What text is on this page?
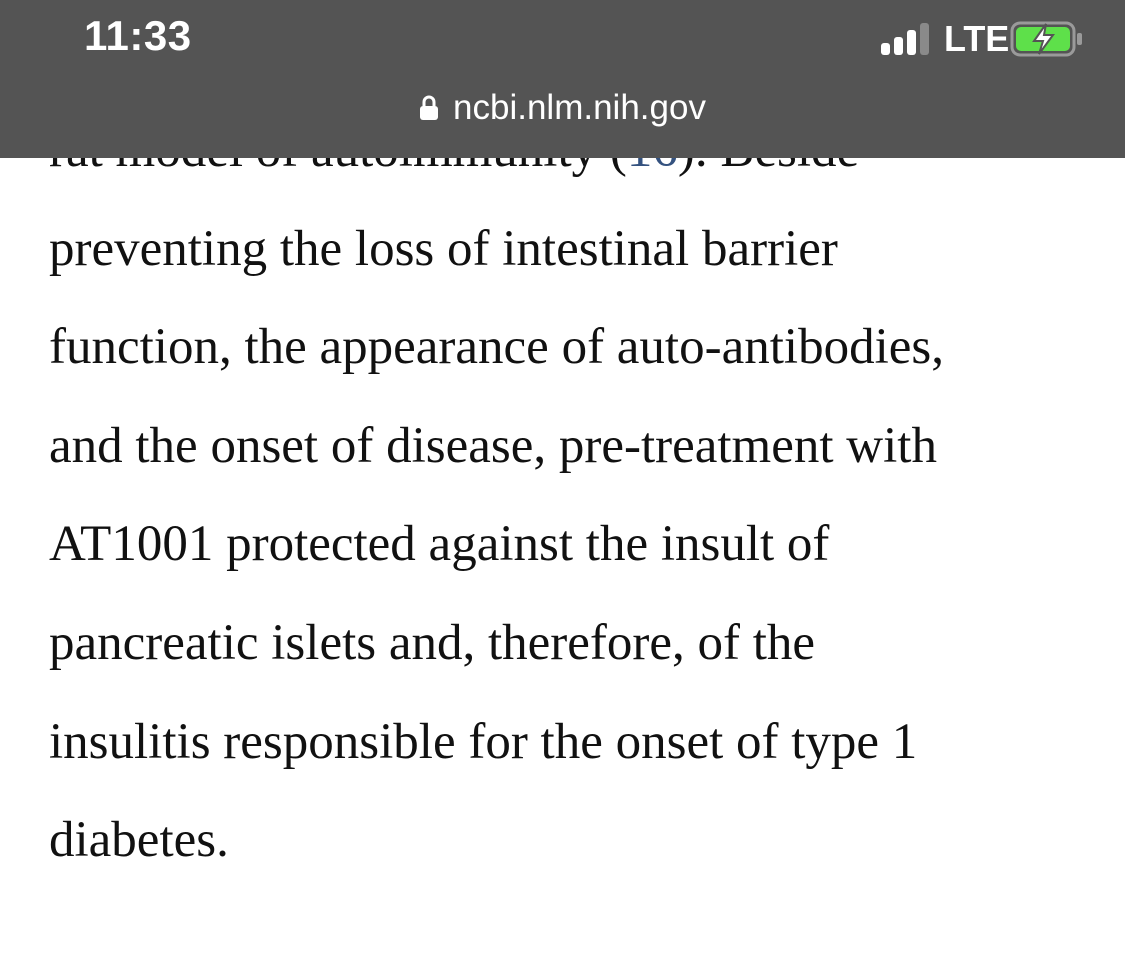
preventing the loss of intestinal barrier
function, the appearance of auto-antibodies,
and the onset of disease, pre-treatment with
AT1001 protected against the insult of
pancreatic islets and, therefore, of the
insulitis responsible for the onset of type 1
diabetes.

11:33	LTE
ncbi.nlm.nih.gov
